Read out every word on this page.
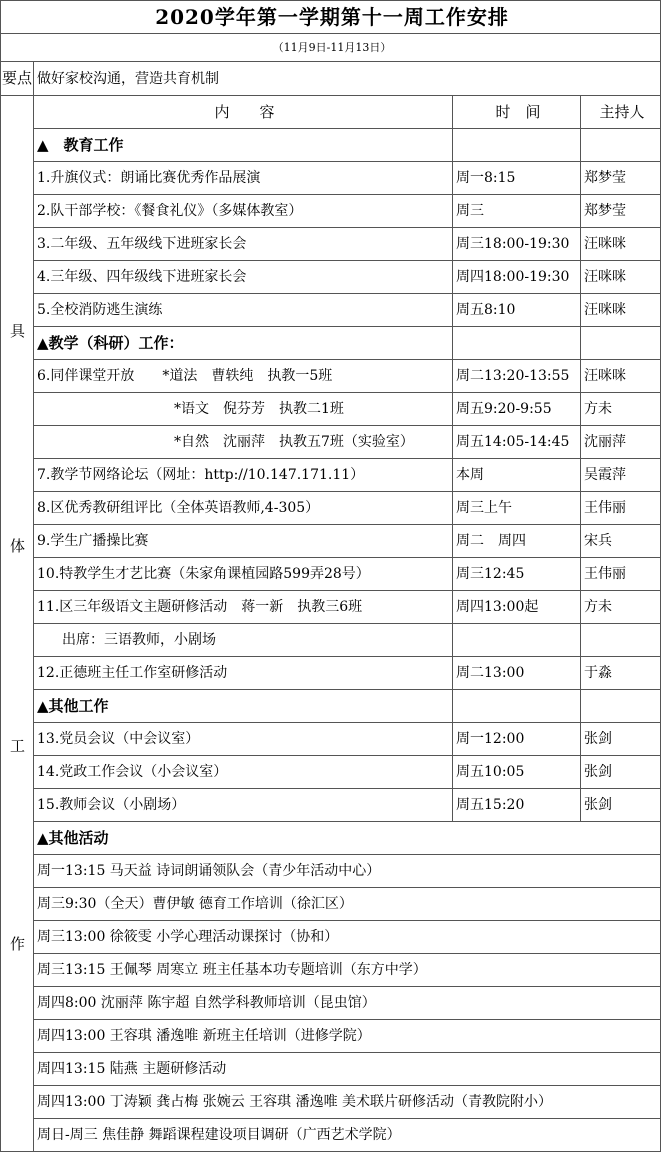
2020学年第一学期第十一周工作安排			
（11月9日-11月13日）			
要点	做好家校沟通，营造共育机制		

具
体
工
作	内　　容	时　间	主持人
	▲　教育工作		
	1.升旗仪式：朗诵比赛优秀作品展演	周一8:15	郑梦莹
	2.队干部学校：《餐食礼仪》（多媒体教室）	周三	郑梦莹
	3.二年级、五年级线下进班家长会	周三18:00-19:30	汪咪咪
	4.三年级、四年级线下进班家长会	周四18:00-19:30	汪咪咪
	5.全校消防逃生演练	周五8:10	汪咪咪
	▲教学（科研）工作：		
	6.同伴课堂开放　　*道法　曹轶纯　执教一5班	周二13:20-13:55	汪咪咪
	*语文　倪芬芳　执教二1班	周五9:20-9:55	方未
	*自然　沈丽萍　执教五7班（实验室）	周五14:05-14:45	沈丽萍
	7.教学节网络论坛（网址：http://10.147.171.11）	本周	吴霞萍
	8.区优秀教研组评比（全体英语教师,4-305）	周三上午	王伟丽
	9.学生广播操比赛	周二　周四	宋兵
	10.特教学生才艺比赛（朱家角课植园路599弄28号）	周三12:45	王伟丽
	11.区三年级语文主题研修活动　蒋一新　执教三6班	周四13:00起	方未
	出席：三语教师，小剧场		
	12.正德班主任工作室研修活动	周二13:00	于淼
	▲其他工作		
	13.党员会议（中会议室）	周一12:00	张剑
	14.党政工作会议（小会议室）	周五10:05	张剑
	15.教师会议（小剧场）	周五15:20	张剑
	▲其他活动		
	周一13:15 马天益 诗词朗诵领队会（青少年活动中心）		
	周三9:30（全天）曹伊敏 德育工作培训（徐汇区）		
	周三13:00 徐筱雯 小学心理活动课探讨（协和）		
	周三13:15 王佩琴 周寒立 班主任基本功专题培训（东方中学）		
	周四8:00 沈丽萍 陈宇超 自然学科教师培训（昆虫馆）		
	周四13:00 王容琪 潘逸唯 新班主任培训（进修学院）		
	周四13:15 陆燕 主题研修活动		
	周四13:00 丁涛颖 龚占梅 张婉云 王容琪 潘逸唯 美术联片研修活动（青教院附小）		
	周日-周三 焦佳静 舞蹈课程建设项目调研（广西艺术学院）		
